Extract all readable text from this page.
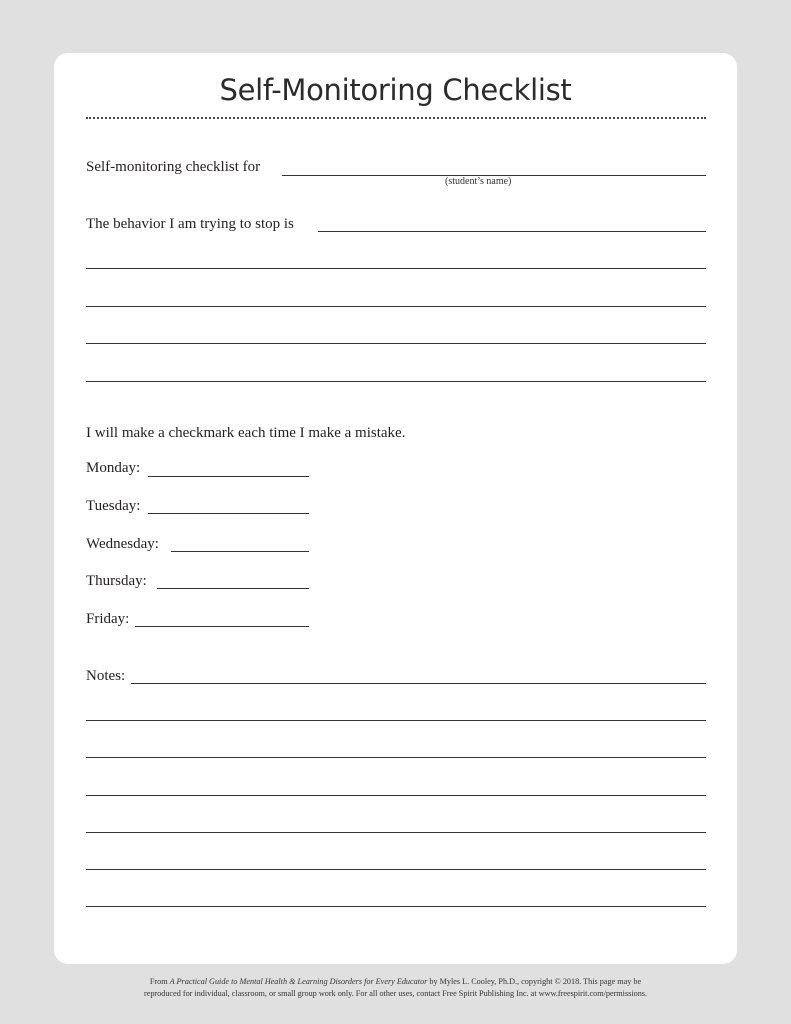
Self-Monitoring Checklist
Self-monitoring checklist for
(student’s name)
The behavior I am trying to stop is
I will make a checkmark each time I make a mistake.
Monday:
Tuesday:
Wednesday:
Thursday:
Friday:
Notes:
From A Practical Guide to Mental Health & Learning Disorders for Every Educator by Myles L. Cooley, Ph.D., copyright © 2018. This page may be
reproduced for individual, classroom, or small group work only. For all other uses, contact Free Spirit Publishing Inc. at www.freespirit.com/permissions.
